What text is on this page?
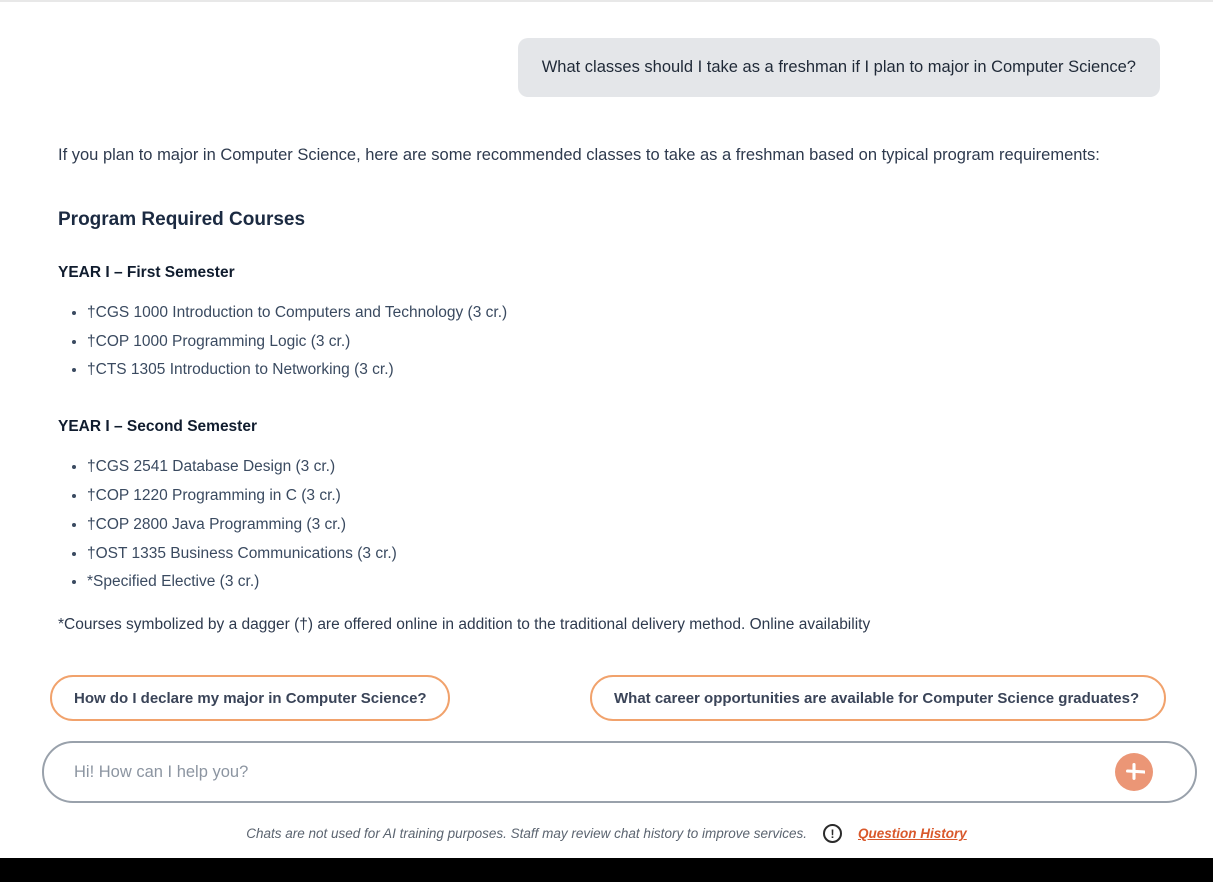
What classes should I take as a freshman if I plan to major in Computer Science?

If you plan to major in Computer Science, here are some recommended classes to take as a freshman based on typical program requirements:

Program Required Courses
YEAR I – First Semester
• †CGS 1000 Introduction to Computers and Technology (3 cr.)
• †COP 1000 Programming Logic (3 cr.)
• †CTS 1305 Introduction to Networking (3 cr.)
YEAR I – Second Semester
• †CGS 2541 Database Design (3 cr.)
• †COP 1220 Programming in C (3 cr.)
• †COP 2800 Java Programming (3 cr.)
• †OST 1335 Business Communications (3 cr.)
• *Specified Elective (3 cr.)

*Courses symbolized by a dagger (†) are offered online in addition to the traditional delivery method. Online availability

How do I declare my major in Computer Science?	What career opportunities are available for Computer Science graduates?
Hi! How can I help you?
Chats are not used for AI training purposes. Staff may review chat history to improve services.	!	Question History
